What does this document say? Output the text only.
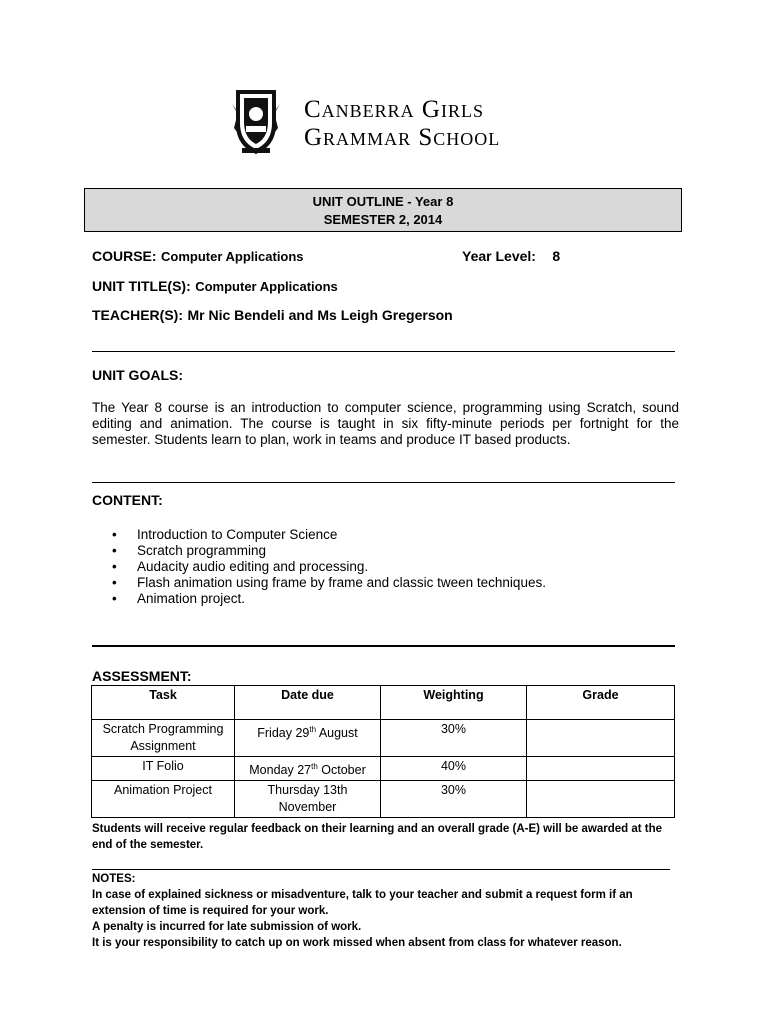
Canberra Girls
Grammar School
UNIT OUTLINE - Year 8
SEMESTER 2, 2014
COURSE: Computer Applications	Year Level: 8
UNIT TITLE(S): Computer Applications
TEACHER(S): Mr Nic Bendeli and Ms Leigh Gregerson
UNIT GOALS:
The Year 8 course is an introduction to computer science, programming using Scratch, sound editing and animation. The course is taught in six fifty-minute periods per fortnight for the semester. Students learn to plan, work in teams and produce IT based products.
CONTENT:
• Introduction to Computer Science
• Scratch programming
• Audacity audio editing and processing.
• Flash animation using frame by frame and classic tween techniques.
• Animation project.
ASSESSMENT:
Task	Date due	Weighting	Grade
Scratch Programming Assignment	Friday 29th August	30%	
IT Folio	Monday 27th October	40%	
Animation Project	Thursday 13th November	30%	
Students will receive regular feedback on their learning and an overall grade (A-E) will be awarded at the end of the semester.
NOTES:
In case of explained sickness or misadventure, talk to your teacher and submit a request form if an extension of time is required for your work.
A penalty is incurred for late submission of work.
It is your responsibility to catch up on work missed when absent from class for whatever reason.
